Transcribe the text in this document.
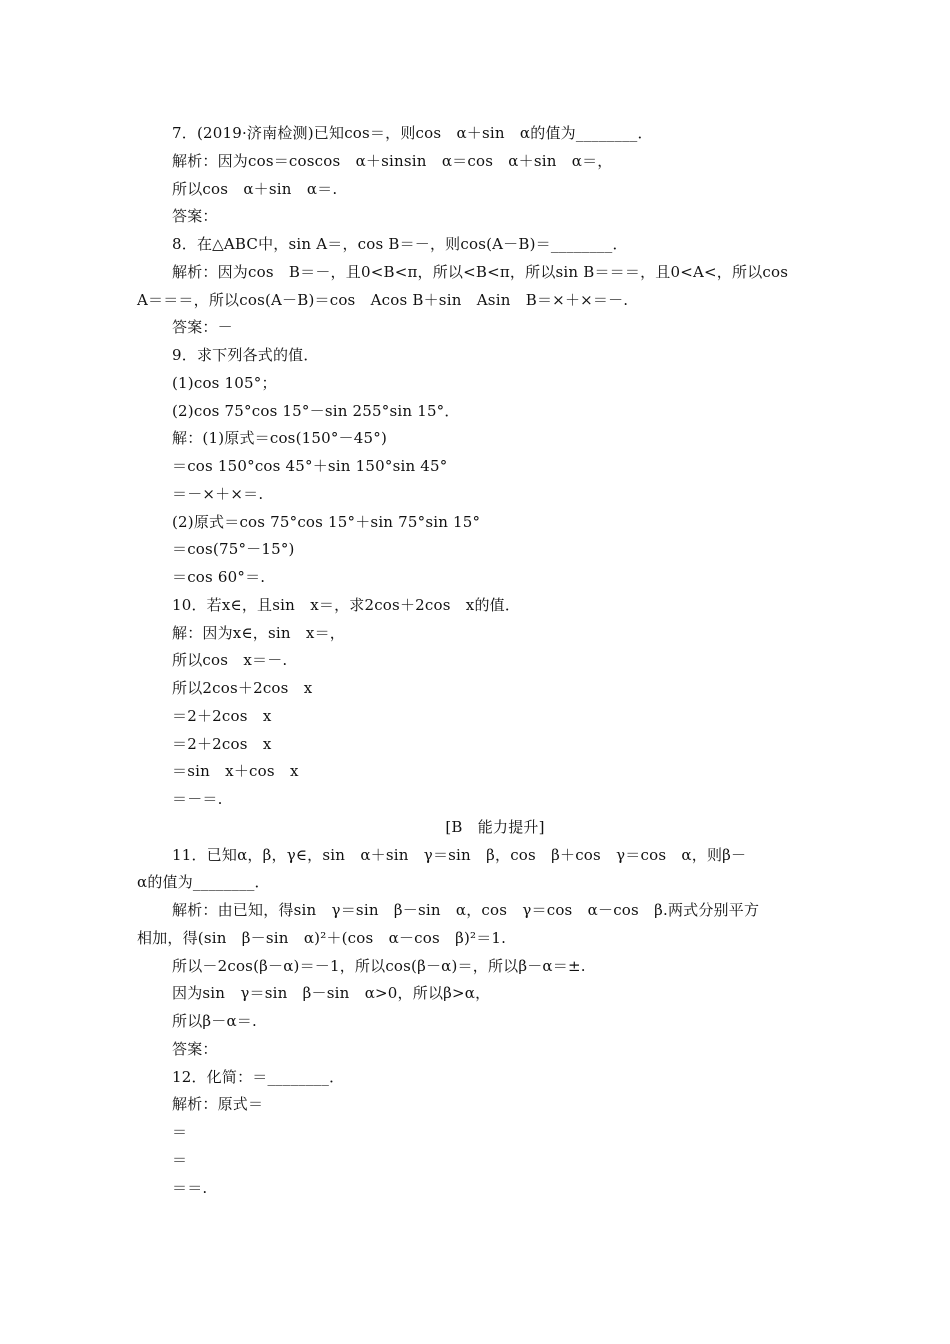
7．(2019·济南检测)已知cos＝，则cos　α＋sin　α的值为________．
解析：因为cos＝coscos　α＋sinsin　α＝cos　α＋sin　α＝，
所以cos　α＋sin　α＝.
答案：
8．在△ABC中，sin A＝，cos B＝－，则cos(A－B)＝________．
解析：因为cos　B＝－，且0<B<π，所以<B<π，所以sin B＝＝＝，且0<A<，所以cos
A＝＝＝，所以cos(A－B)＝cos　Acos B＋sin　Asin　B＝×＋×＝－.
答案：－
9．求下列各式的值．
(1)cos 105°；
(2)cos 75°cos 15°－sin 255°sin 15°．
解：(1)原式＝cos(150°－45°)
＝cos 150°cos 45°＋sin 150°sin 45°
＝－×＋×＝.
(2)原式＝cos 75°cos 15°＋sin 75°sin 15°
＝cos(75°－15°)
＝cos 60°＝.
10．若x∈，且sin　x＝，求2cos＋2cos　x的值．
解：因为x∈，sin　x＝，
所以cos　x＝－.
所以2cos＋2cos　x
＝2＋2cos　x
＝2＋2cos　x
＝sin　x＋cos　x
＝－＝.
[B　能力提升]
11．已知α，β，γ∈，sin　α＋sin　γ＝sin　β，cos　β＋cos　γ＝cos　α，则β－
α的值为________．
解析：由已知，得sin　γ＝sin　β－sin　α，cos　γ＝cos　α－cos　β.两式分别平方
相加，得(sin　β－sin　α)²＋(cos　α－cos　β)²＝1.
所以－2cos(β－α)＝－1，所以cos(β－α)＝，所以β－α＝±.
因为sin　γ＝sin　β－sin　α>0，所以β>α，
所以β－α＝.
答案：
12．化简：＝________．
解析：原式＝
＝
＝
＝＝.
